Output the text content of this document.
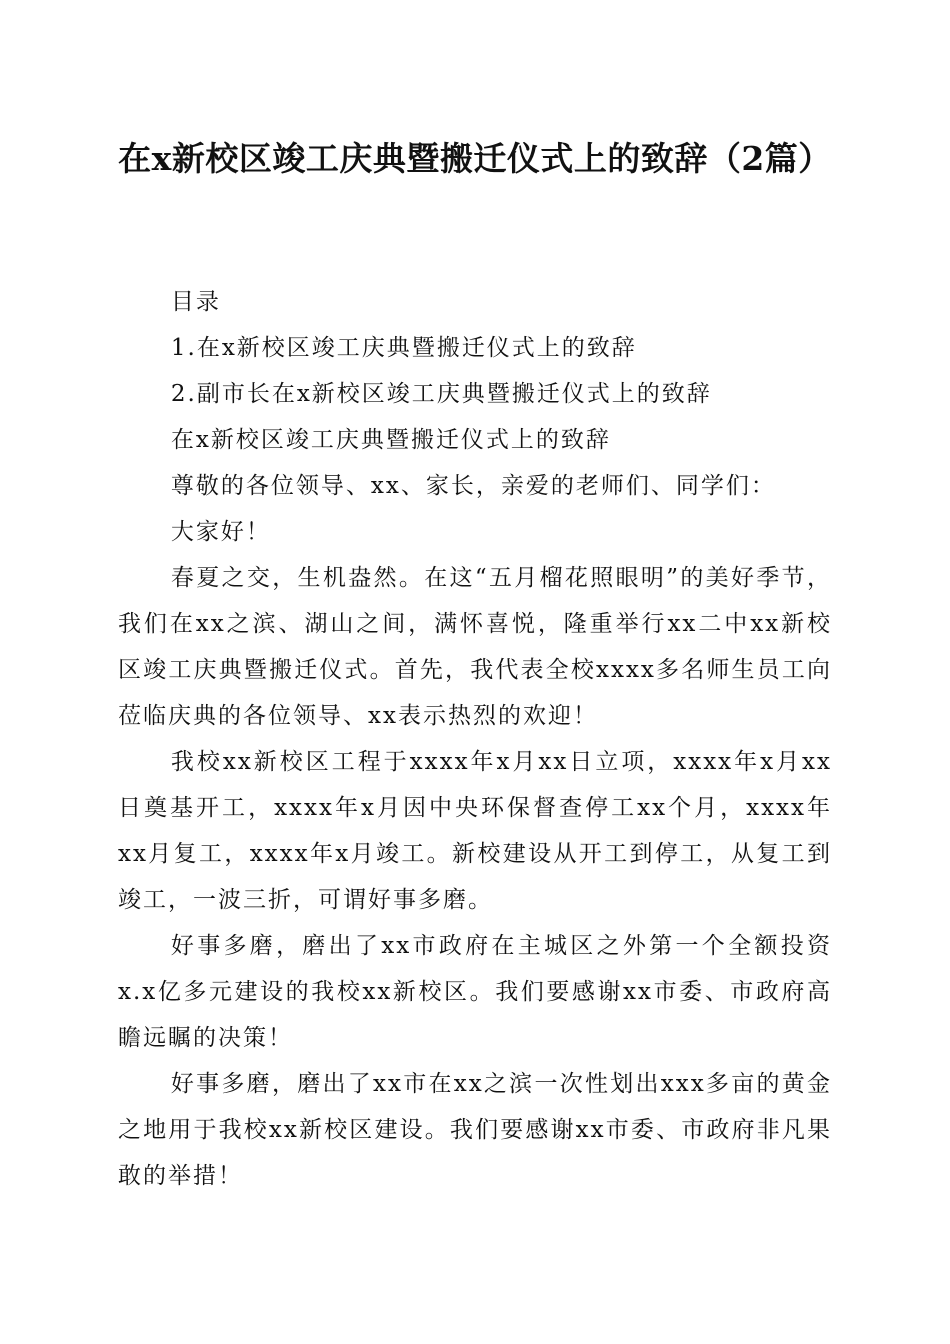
在x新校区竣工庆典暨搬迁仪式上的致辞（2篇）

目录

1.在x新校区竣工庆典暨搬迁仪式上的致辞

2.副市长在x新校区竣工庆典暨搬迁仪式上的致辞

在x新校区竣工庆典暨搬迁仪式上的致辞

尊敬的各位领导、xx、家长，亲爱的老师们、同学们：

大家好！

春夏之交，生机盎然。在这“五月榴花照眼明”的美好季节，我们在xx之滨、湖山之间，满怀喜悦，隆重举行xx二中xx新校区竣工庆典暨搬迁仪式。首先，我代表全校xxxx多名师生员工向莅临庆典的各位领导、xx表示热烈的欢迎！

我校xx新校区工程于xxxx年x月xx日立项，xxxx年x月xx日奠基开工，xxxx年x月因中央环保督查停工xx个月，xxxx年xx月复工，xxxx年x月竣工。新校建设从开工到停工，从复工到竣工，一波三折，可谓好事多磨。

好事多磨，磨出了xx市政府在主城区之外第一个全额投资x.x亿多元建设的我校xx新校区。我们要感谢xx市委、市政府高瞻远瞩的决策！

好事多磨，磨出了xx市在xx之滨一次性划出xxx多亩的黄金之地用于我校xx新校区建设。我们要感谢xx市委、市政府非凡果敢的举措！
